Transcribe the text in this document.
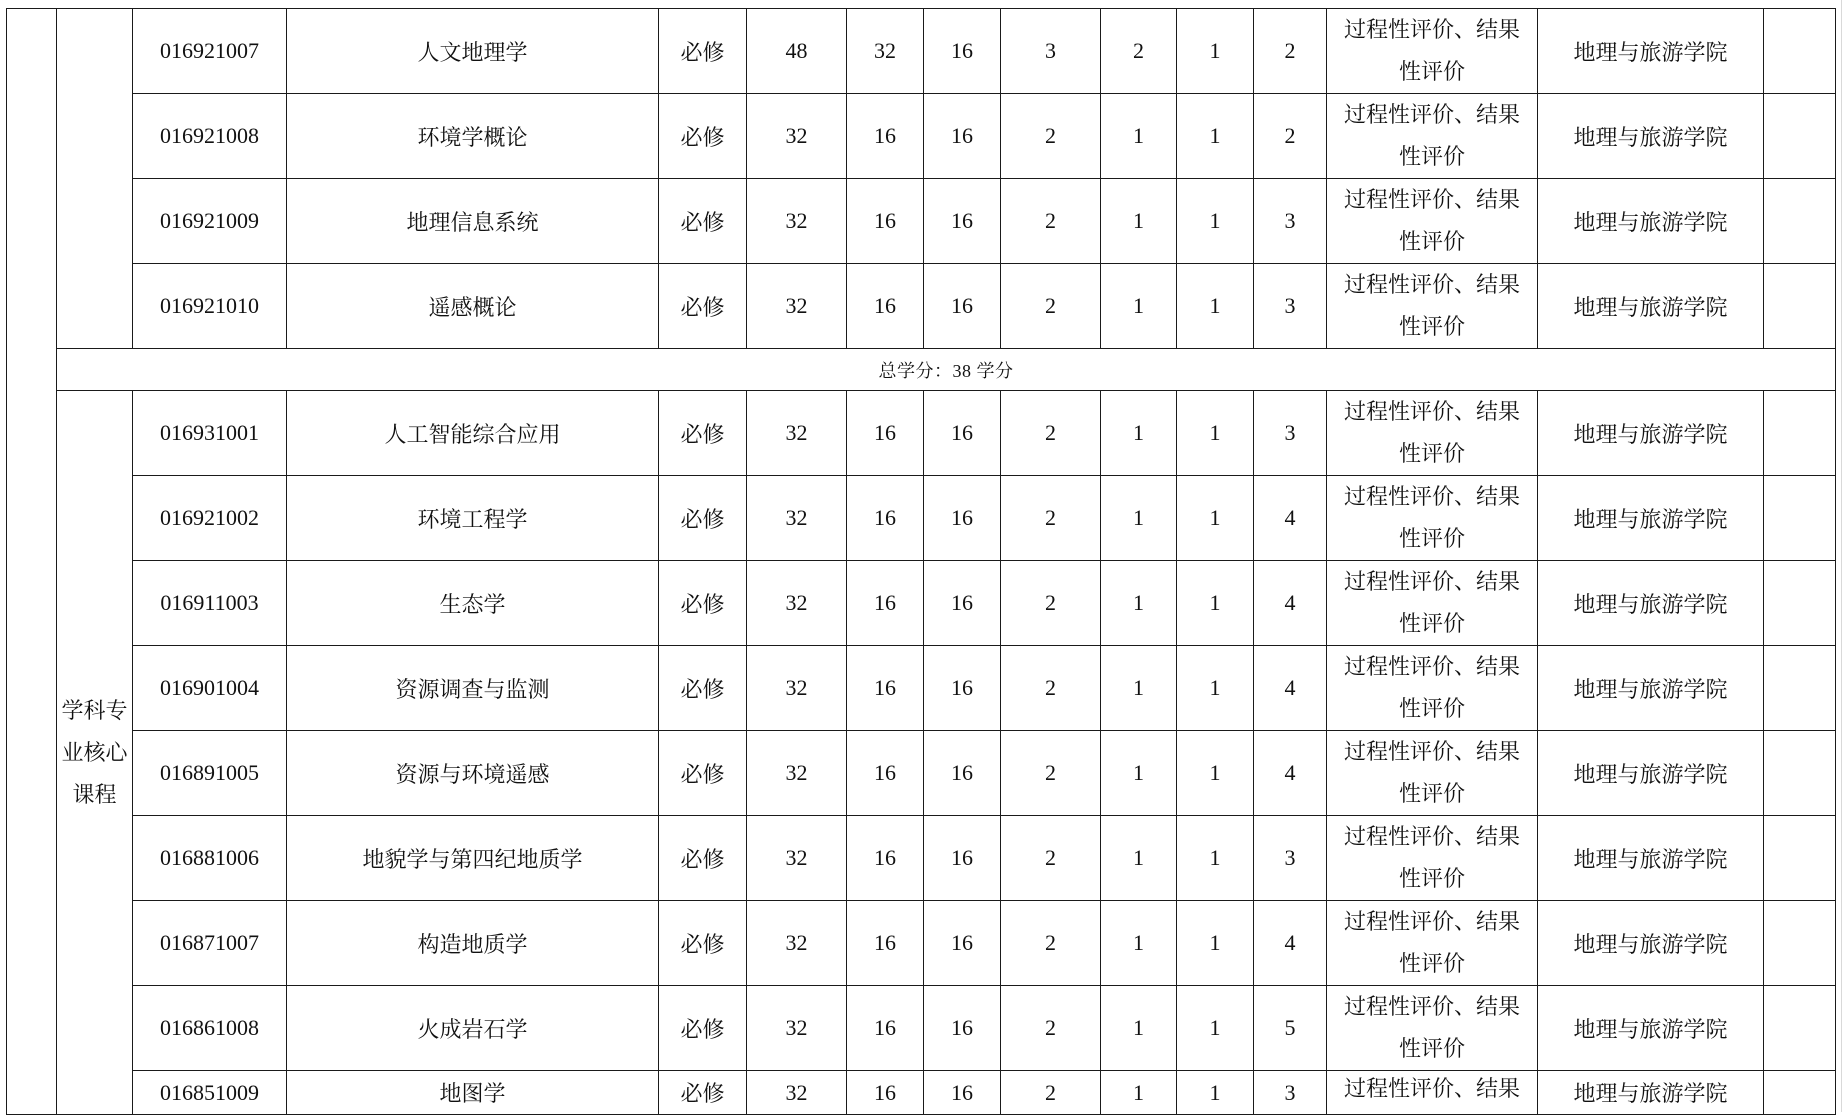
		016921007	人文地理学	必修	48	32	16	3	2	1	2	过程性评价、结果性评价	地理与旅游学院	
		016921008	环境学概论	必修	32	16	16	2	1	1	2	过程性评价、结果性评价	地理与旅游学院	
		016921009	地理信息系统	必修	32	16	16	2	1	1	3	过程性评价、结果性评价	地理与旅游学院	
		016921010	遥感概论	必修	32	16	16	2	1	1	3	过程性评价、结果性评价	地理与旅游学院	
	总学分：38 学分													

	学科专业核心课程	016931001	人工智能综合应用	必修	32	16	16	2	1	1	3	过程性评价、结果性评价	地理与旅游学院	
		016921002	环境工程学	必修	32	16	16	2	1	1	4	过程性评价、结果性评价	地理与旅游学院	
		016911003	生态学	必修	32	16	16	2	1	1	4	过程性评价、结果性评价	地理与旅游学院	
		016901004	资源调查与监测	必修	32	16	16	2	1	1	4	过程性评价、结果性评价	地理与旅游学院	
		016891005	资源与环境遥感	必修	32	16	16	2	1	1	4	过程性评价、结果性评价	地理与旅游学院	
		016881006	地貌学与第四纪地质学	必修	32	16	16	2	1	1	3	过程性评价、结果性评价	地理与旅游学院	
		016871007	构造地质学	必修	32	16	16	2	1	1	4	过程性评价、结果性评价	地理与旅游学院	
		016861008	火成岩石学	必修	32	16	16	2	1	1	5	过程性评价、结果性评价	地理与旅游学院	
		016851009	地图学	必修	32	16	16	2	1	1	3	过程性评价、结果	地理与旅游学院	
